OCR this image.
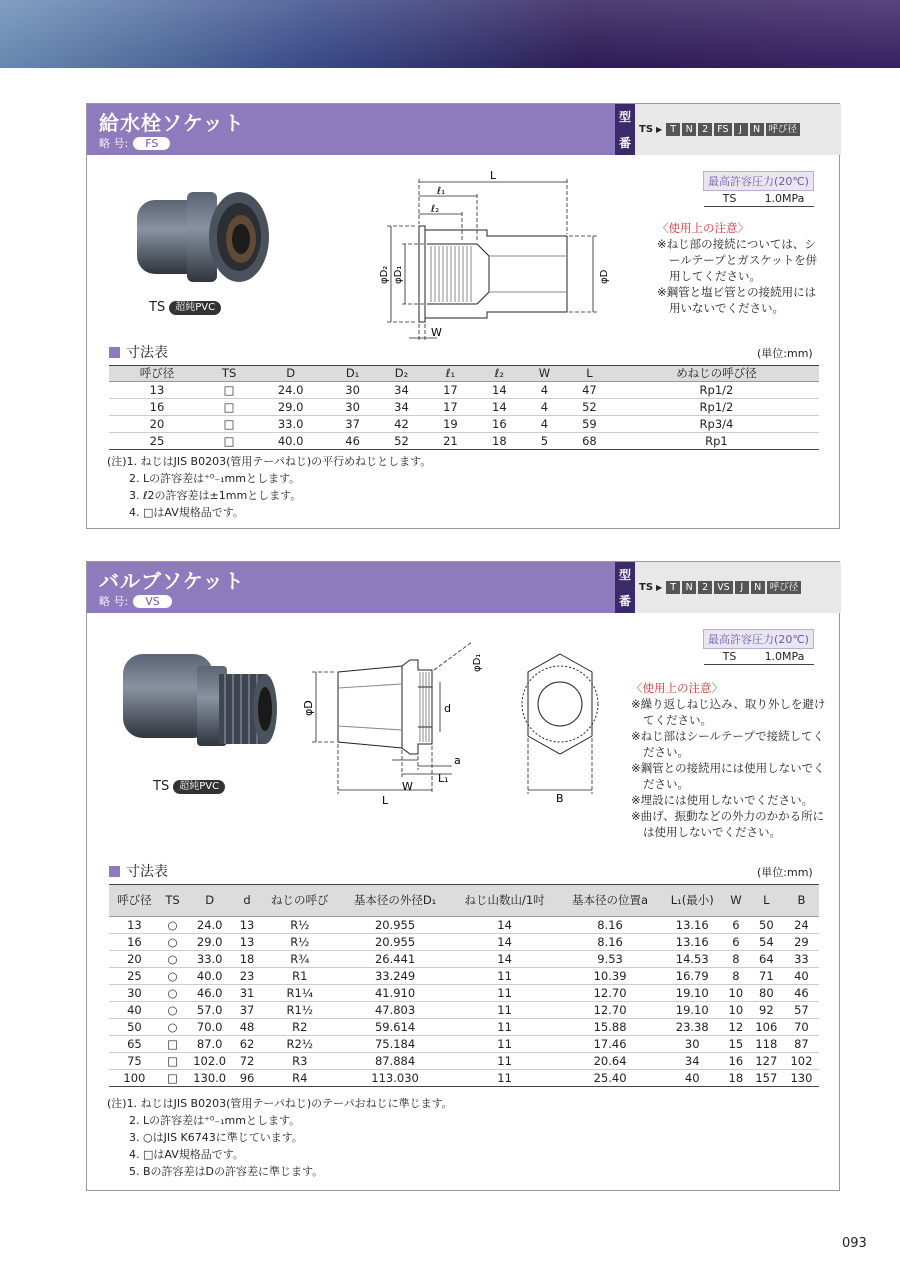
給水栓ソケット
略 号:	FS
型
番
TS ▶ T	N 2 FS	J	N 呼び径
TS	超純PVC
L
ℓ₁
ℓ₂
φD₂ φD₁	φD
W
最高許容圧力(20℃)
TS	1.0MPa
〈使用上の注意〉
※ねじ部の接続については、シールテープとガスケットを併用してください。
※鋼管と塩ビ管との接続用には用いないでください。
寸法表	(単位:mm)
呼び径	TS	D	D₁	D₂	ℓ₁	ℓ₂	W	L	めねじの呼び径
13	□	24.0	30	34	17	14	4	47	Rp1/2
16	□	29.0	30	34	17	14	4	52	Rp1/2
20	□	33.0	37	42	19	16	4	59	Rp3/4
25	□	40.0	46	52	21	18	5	68	Rp1
(注)1. ねじはJIS B0203(管用テーパねじ)の平行めねじとします。
2. Lの許容差は⁺⁰₋₁mmとします。
3. ℓ2の許容差は±1mmとします。
4. □はAV規格品です。
バルブソケット
略 号:	VS
型
番
TS ▶ T	N 2 VS	J	N 呼び径
TS	超純PVC
φD	d
φD₁
a
L₁
W
L	B
最高許容圧力(20℃)
TS	1.0MPa
〈使用上の注意〉
※繰り返しねじ込み、取り外しを避けてください。
※ねじ部はシールテープで接続してください。
※鋼管との接続用には使用しないでください。
※埋設には使用しないでください。
※曲げ、振動などの外力のかかる所には使用しないでください。
寸法表	(単位:mm)
呼び径	TS	D	d	ねじの呼び	基本径の外径D₁	ねじ山数山/1吋	基本径の位置a	L₁(最小)	W	L	B
13	○	24.0	13	R½	20.955	14	8.16	13.16	6	50	24
16	○	29.0	13	R½	20.955	14	8.16	13.16	6	54	29
20	○	33.0	18	R¾	26.441	14	9.53	14.53	8	64	33
25	○	40.0	23	R1	33.249	11	10.39	16.79	8	71	40
30	○	46.0	31	R1¼	41.910	11	12.70	19.10	10	80	46
40	○	57.0	37	R1½	47.803	11	12.70	19.10	10	92	57
50	○	70.0	48	R2	59.614	11	15.88	23.38	12	106	70
65	□	87.0	62	R2½	75.184	11	17.46	30	15	118	87
75	□	102.0	72	R3	87.884	11	20.64	34	16	127	102
100	□	130.0	96	R4	113.030	11	25.40	40	18	157	130
(注)1. ねじはJIS B0203(管用テーパねじ)のテーパおねじに準じます。
2. Lの許容差は⁺⁰₋₁mmとします。
3. ○はJIS K6743に準じています。
4. □はAV規格品です。
5. Bの許容差はDの許容差に準じます。
093
